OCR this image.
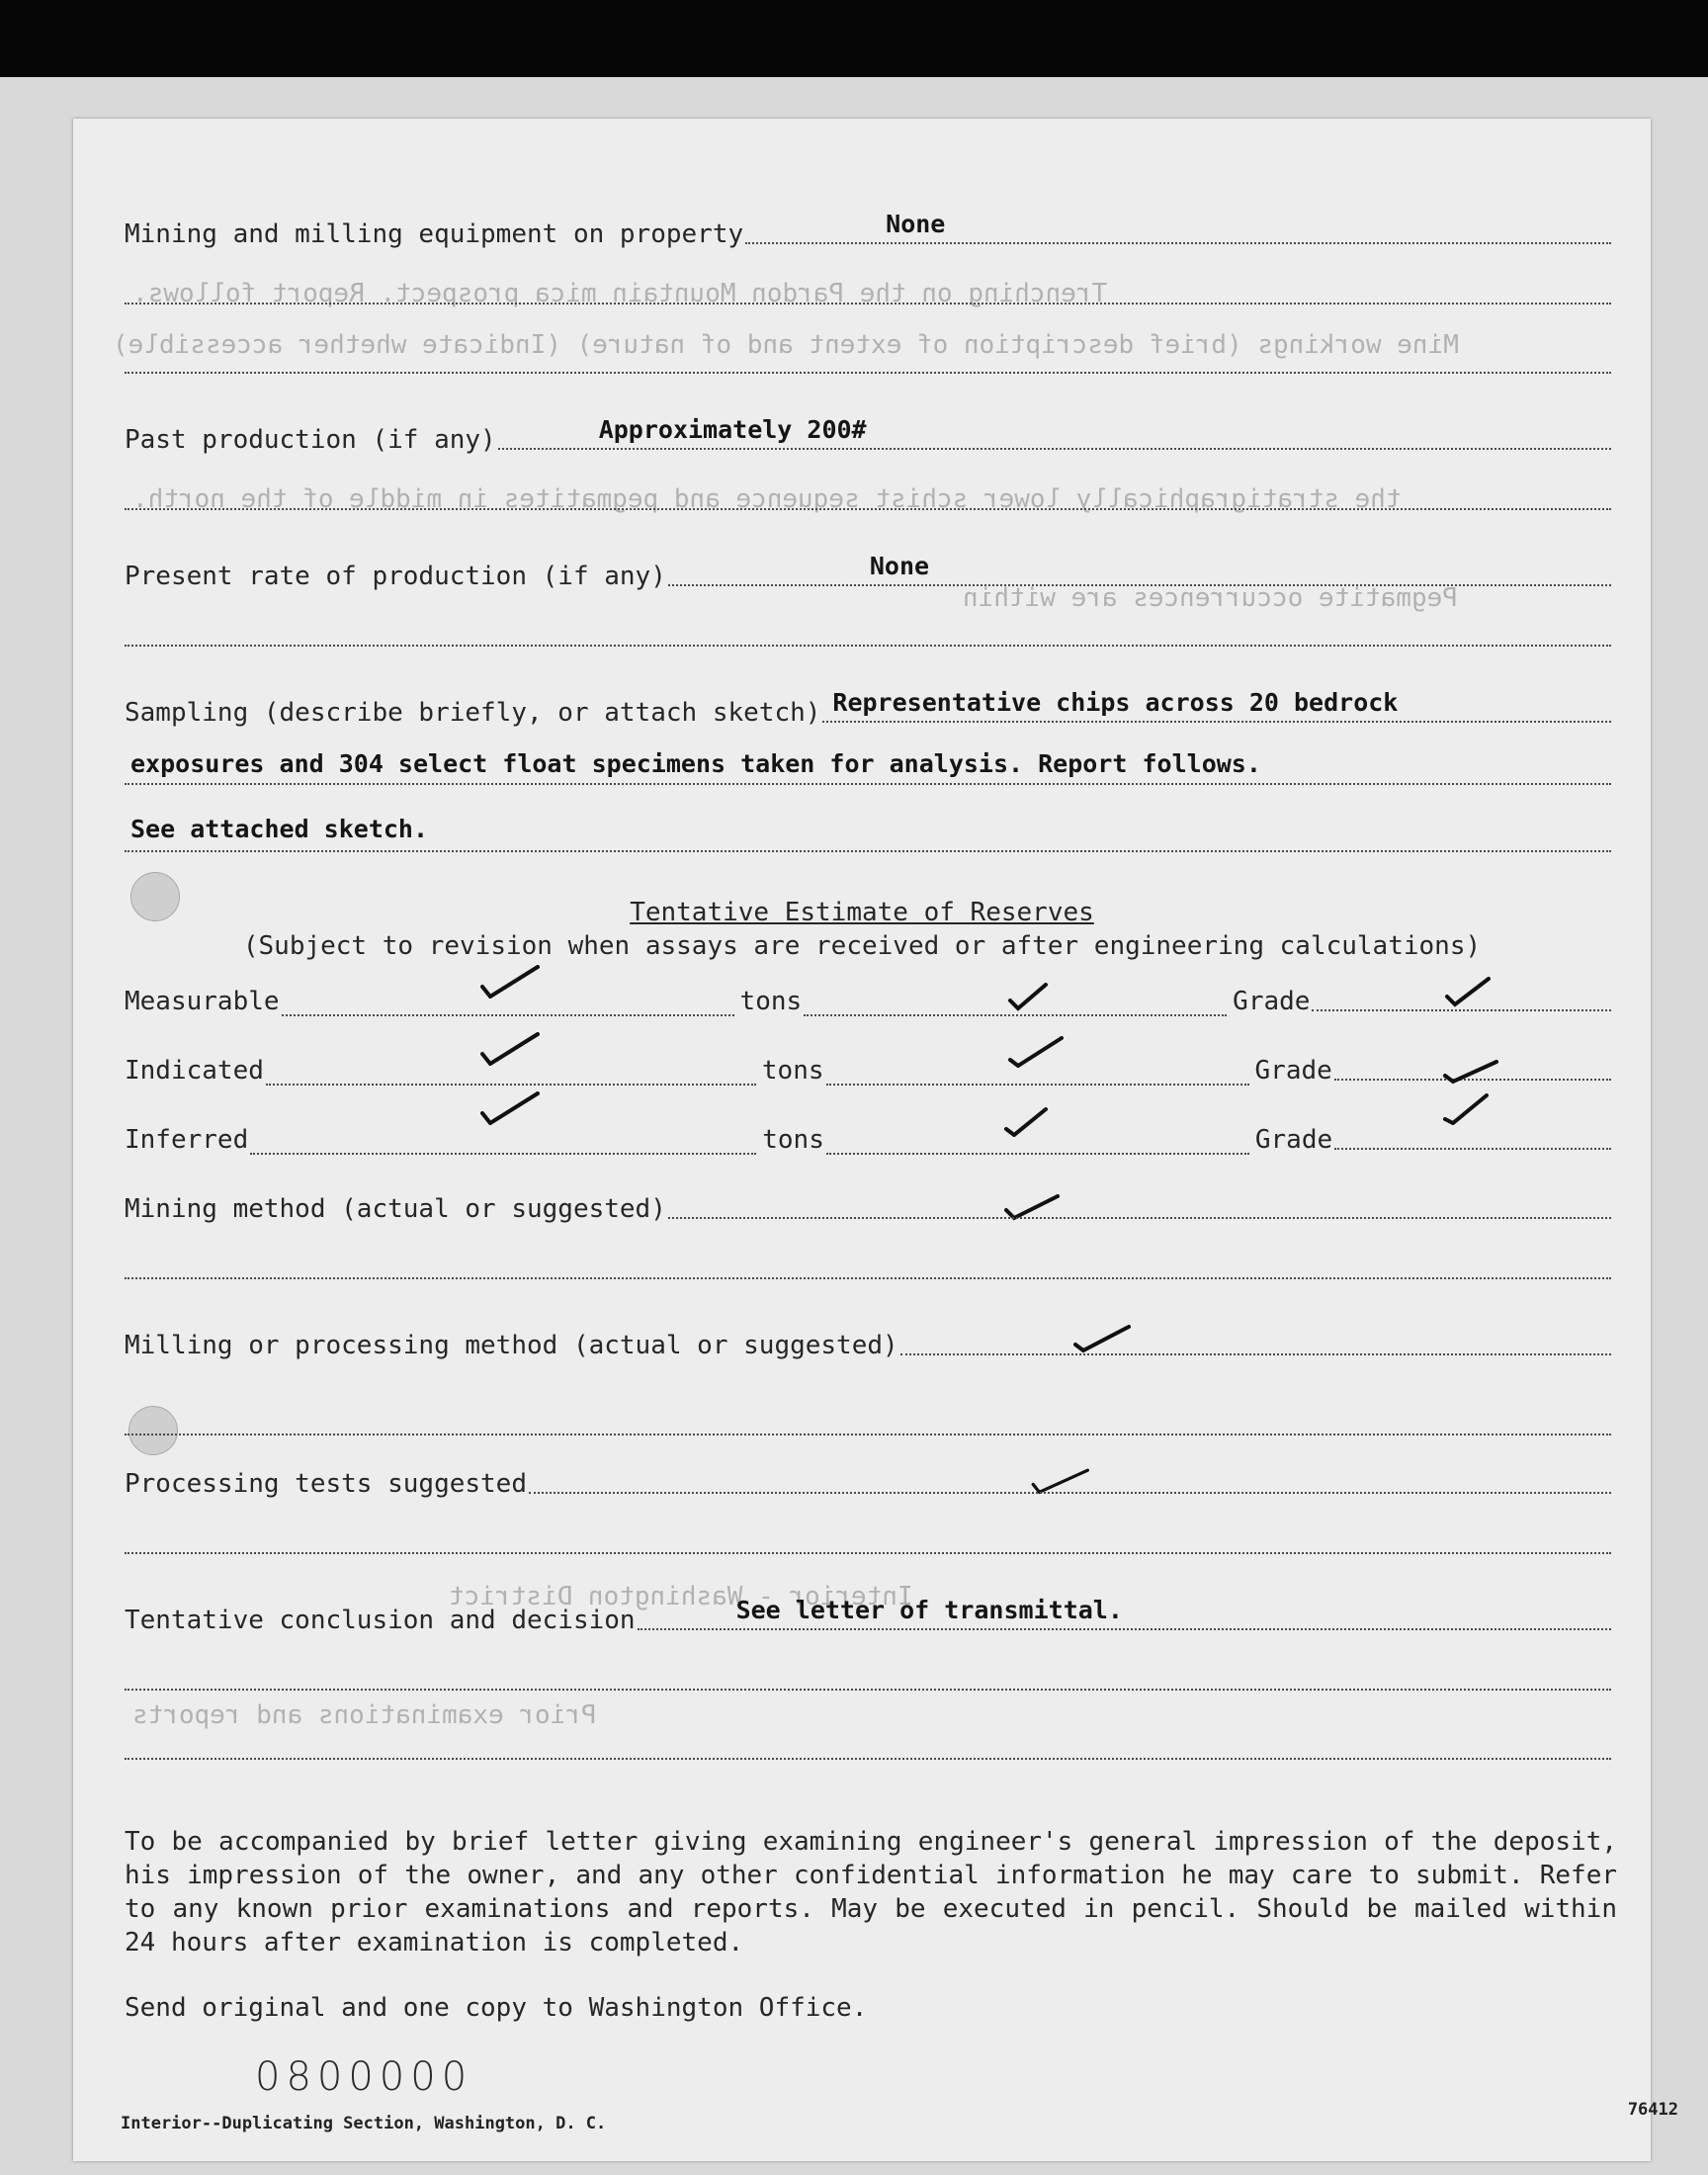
Trenching on the Pardon Mountain mica prospect. Report follows.
Mine workings (brief description of extent and of nature) (Indicate whether accessible)
the stratigraphically lower schist sequence and pegmatites in middle of the north.
Pegmatite occurrences are within
Interior - Washington District
Prior examinations and reports
Mining and milling equipment on property	None
Past production (if any)	Approximately 200#
Present rate of production (if any)	None
Sampling (describe briefly, or attach sketch) Representative chips across 20 bedrock
exposures and 304 select float specimens taken for analysis. Report follows.
See attached sketch.
Tentative Estimate of Reserves
(Subject to revision when assays are received or after engineering calculations)
Measurable	tons	Grade
Indicated	tons	Grade
Inferred	tons	Grade
Mining method (actual or suggested)
Milling or processing method (actual or suggested)
Processing tests suggested
Tentative conclusion and decision	See letter of transmittal.
To be accompanied by brief letter giving examining engineer's general impression of the deposit, his impression of the owner, and any other confidential information he may care to submit. Refer to any known prior examinations and reports. May be executed in pencil. Should be mailed within 24 hours after examination is completed.
Send original and one copy to Washington Office.
0800000
Interior--Duplicating Section, Washington, D. C.
76412
